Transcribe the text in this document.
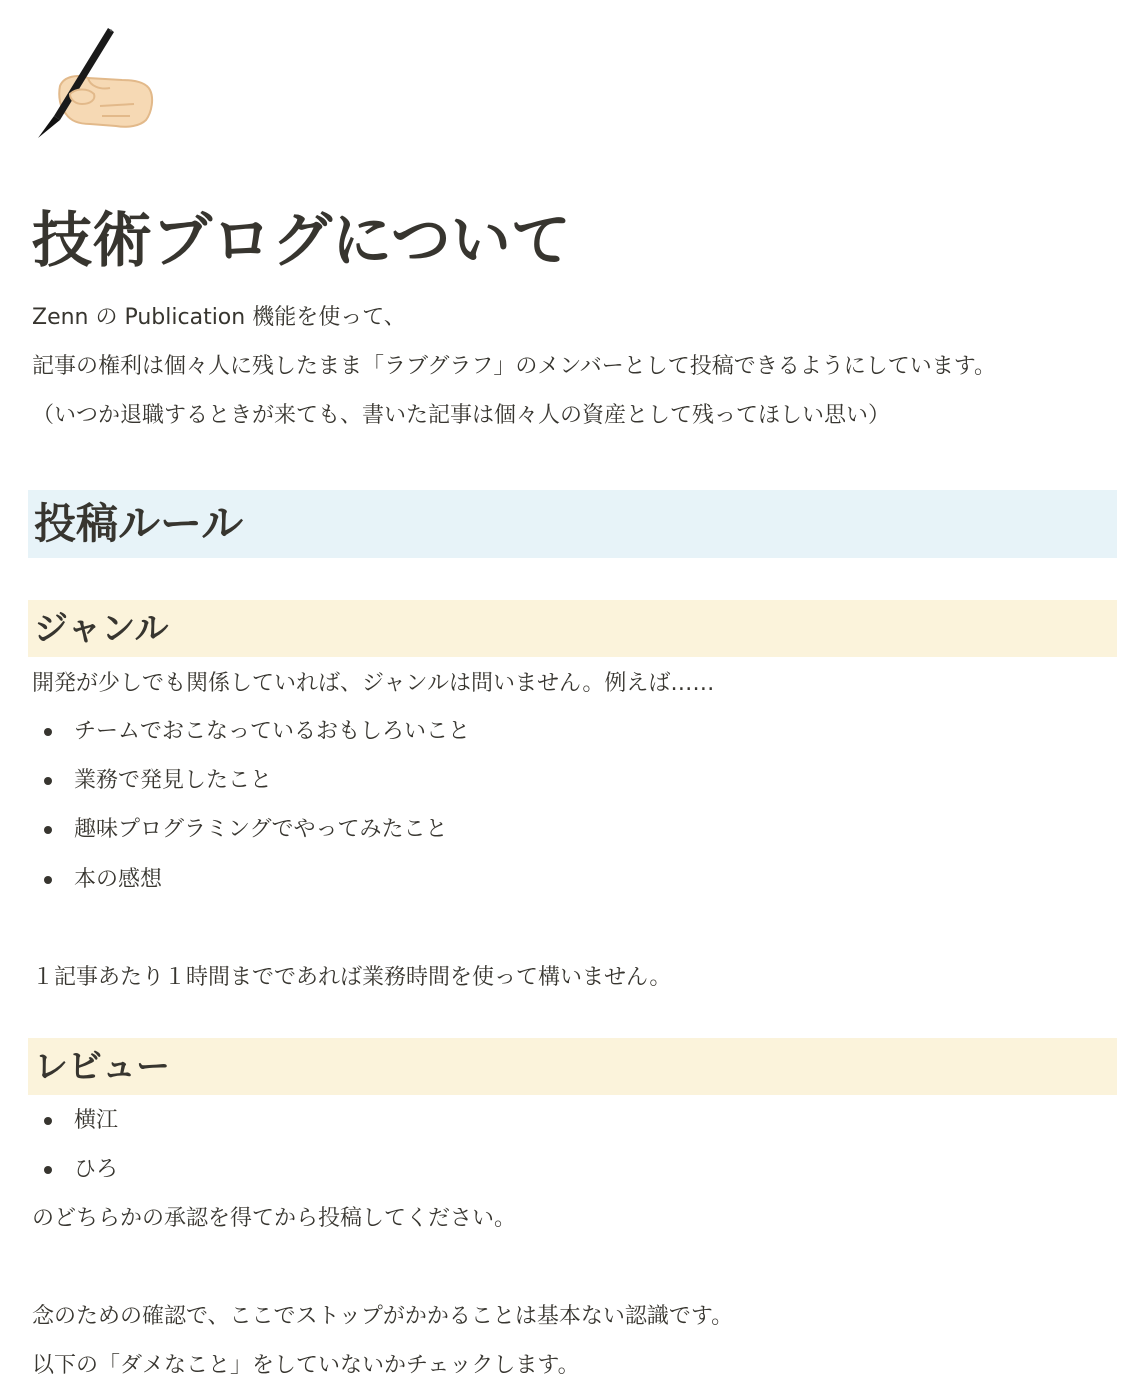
技術ブログについて
Zenn の Publication 機能を使って、
記事の権利は個々人に残したまま「ラブグラフ」のメンバーとして投稿できるようにしています。
（いつか退職するときが来ても、書いた記事は個々人の資産として残ってほしい思い）
投稿ルール
ジャンル
開発が少しでも関係していれば、ジャンルは問いません。例えば……
チームでおこなっているおもしろいこと
業務で発見したこと
趣味プログラミングでやってみたこと
本の感想
１記事あたり１時間までであれば業務時間を使って構いません。
レビュー
横江
ひろ
のどちらかの承認を得てから投稿してください。
念のための確認で、ここでストップがかかることは基本ない認識です。
以下の「ダメなこと」をしていないかチェックします。
